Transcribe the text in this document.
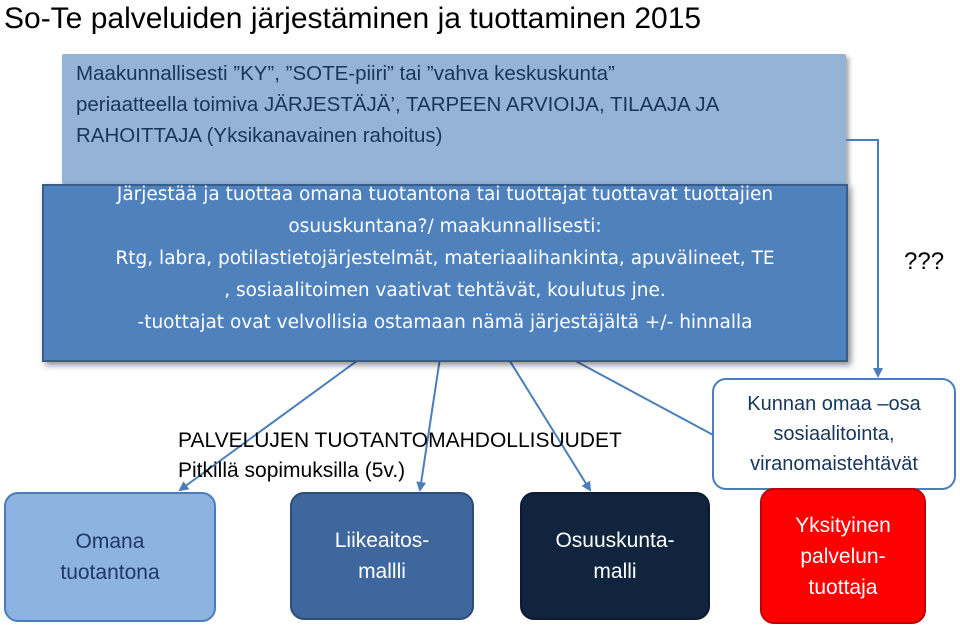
So-Te palveluiden järjestäminen ja tuottaminen 2015
Maakunnallisesti ”KY”, ”SOTE-piiri” tai ”vahva keskuskunta”
periaatteella toimiva JÄRJESTÄJÄ’, TARPEEN ARVIOIJA, TILAAJA JA
RAHOITTAJA (Yksikanavainen rahoitus)
Järjestää ja tuottaa omana tuotantona tai tuottajat tuottavat tuottajien
osuuskuntana?/ maakunnallisesti:
Rtg, labra, potilastietojärjestelmät, materiaalihankinta, apuvälineet, TE
, sosiaalitoimen vaativat tehtävät, koulutus jne.
-tuottajat ovat velvollisia ostamaan nämä järjestäjältä +/- hinnalla
???
PALVELUJEN TUOTANTOMAHDOLLISUUDET
Pitkillä sopimuksilla (5v.)
Kunnan omaa –osa
sosiaalitointa,
viranomaistehtävät
Omana
tuotantona
Liikeaitos-
mallli
Osuuskunta-
malli
Yksityinen
palvelun-
tuottaja
